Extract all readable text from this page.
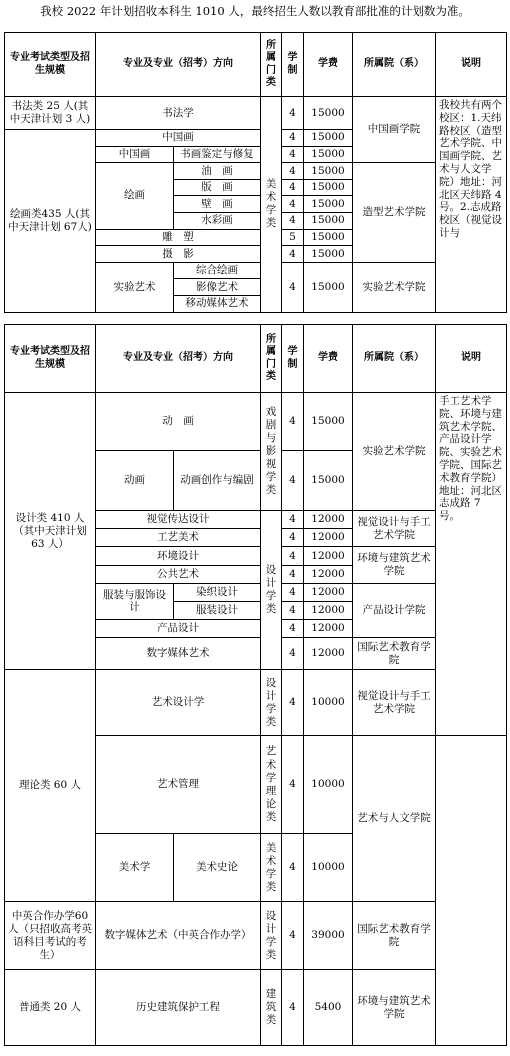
我校 2022 年计划招收本科生 1010 人，最终招生人数以教育部批准的计划数为准。
专业考试类型及招生规模	专业及专业（招考）方向		所属门类	学制	学费	所属院（系）	说明
书法类 25 人(其中天津计划 3 人)	书法学		美术学类	4	15000	中国画学院	我校共有两个校区：1.天纬路校区（造型艺术学院、中国画学院、艺术与人文学院）地址：河北区天纬路 4 号。2.志成路校区（视觉设计与
绘画类435 人(其中天津计划 67人)	中国画			4	15000		
	中国画	书画鉴定与修复		4	15000		
	绘画	油　画		4	15000	造型艺术学院	
		版　画		4	15000		
		壁　画		4	15000		
		水彩画		4	15000		
	雕　塑			5	15000		
	摄　影			4	15000		
	实验艺术	综合绘画		4	15000	实验艺术学院	
		影像艺术					
		移动媒体艺术					
专业考试类型及招生规模	专业及专业（招考）方向		所属门类	学制	学费	所属院（系）	说明
设计类 410 人（其中天津计划63 人）	动　画		戏剧与影视学类	4	15000	实验艺术学院	手工艺术学院、环境与建筑艺术学院、产品设计学院、实验艺术学院、国际艺术教育学院）地址：河北区志成路 7 号。
	动画	动画创作与编剧		4	15000		
	视觉传达设计		设计学类	4	12000	视觉设计与手工艺术学院	
	工艺美术			4	12000		
	环境设计			4	12000	环境与建筑艺术学院	
	公共艺术			4	12000		
	服装与服饰设计	染织设计		4	12000	产品设计学院	
		服装设计		4	12000		
	产品设计			4	12000		
	数字媒体艺术			4	12000	国际艺术教育学院	
理论类 60 人	艺术设计学		设计学类	4	10000	视觉设计与手工艺术学院	
	艺术管理		艺术学理论类	4	10000	艺术与人文学院	
	美术学	美术史论	美术学类	4	10000		
中英合作办学60 人（只招收高考英语科目考试的考生）	数字媒体艺术（中英合作办学）		设计学类	4	39000	国际艺术教育学院	
普通类 20 人	历史建筑保护工程		建筑类	4	5400	环境与建筑艺术学院	
